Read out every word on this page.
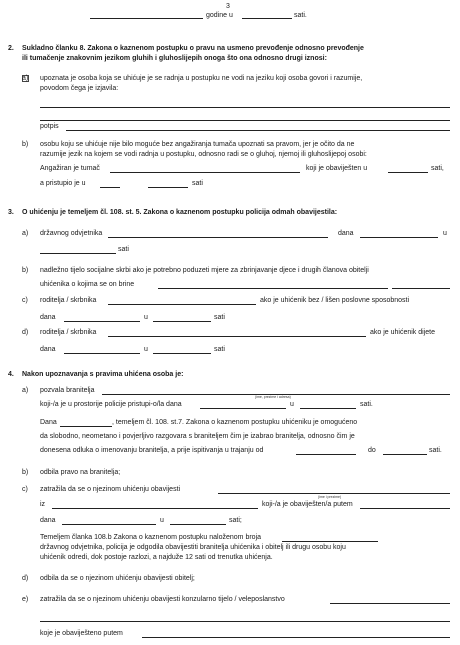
3
godine u	sati.
2. Sukladno članku 8. Zakona o kaznenom postupku o pravu na usmeno prevođenje odnosno prevođenje
ili tumačenje znakovnim jezikom gluhih i gluhoslijepih onoga što ona odnosno drugi iznosi:
a) upoznata je osoba koja se uhićuje je se radnja u postupku ne vodi na jeziku koji osoba govori i razumije,
povodom čega je izjavila:
potpis
b) osobu koju se uhićuje nije bilo moguće bez angažiranja tumača upoznati sa pravom, jer je očito da ne
razumije jezik na kojem se vodi radnja u postupku, odnosno radi se o gluhoj, njemoj ili gluhoslijepoj osobi:
Angažiran je tumač	koji je obaviješten u	sati,
a pristupio je u	sati
3. O uhićenju je temeljem čl. 108. st. 5. Zakona o kaznenom postupku policija odmah obavijestila:
a) državnog odvjetnika	dana	u
sati
b) nadležno tijelo socijalne skrbi ako je potrebno poduzeti mjere za zbrinjavanje djece i drugih članova obitelji
uhićenika o kojima se on brine
c) roditelja / skrbnika	ako je uhićenik bez / lišen poslovne sposobnosti
dana	u	sati
d) roditelja / skrbnika	ako je uhićenik dijete
dana	u	sati
4. Nakon upoznavanja s pravima uhićena osoba je:
a) pozvala branitelja
(ime, prezime i adresa)
koji-/a je u prostorije policije pristupi-o/la dana	u	sati.
Dana	, temeljem čl. 108. st.7. Zakona o kaznenom postupku uhićeniku je omogućeno
da slobodno, neometano i povjerljivo razgovara s braniteljem čim je izabrao branitelja, odnosno čim je
donesena odluka o imenovanju branitelja, a prije ispitivanja u trajanju od	do	sati.
b) odbila pravo na branitelja;
c) zatražila da se o njezinom uhićenju obavijesti
(ime i prezime)
iz	koji-/a je obaviješten/a putem
dana	u	sati;
Temeljem članka 108.b Zakona o kaznenom postupku naloženom broja
državnog odvjetnika, policija je odgodila obavijestiti branitelja uhićenika i obitelj ili drugu osobu koju
uhićenik odredi, dok postoje razlozi, a najduže 12 sati od trenutka uhićenja.
d) odbila da se o njezinom uhićenju obavijesti obitelj;
e) zatražila da se o njezinom uhićenju obavijesti konzularno tijelo / veleposlanstvo
koje je obaviješteno putem
